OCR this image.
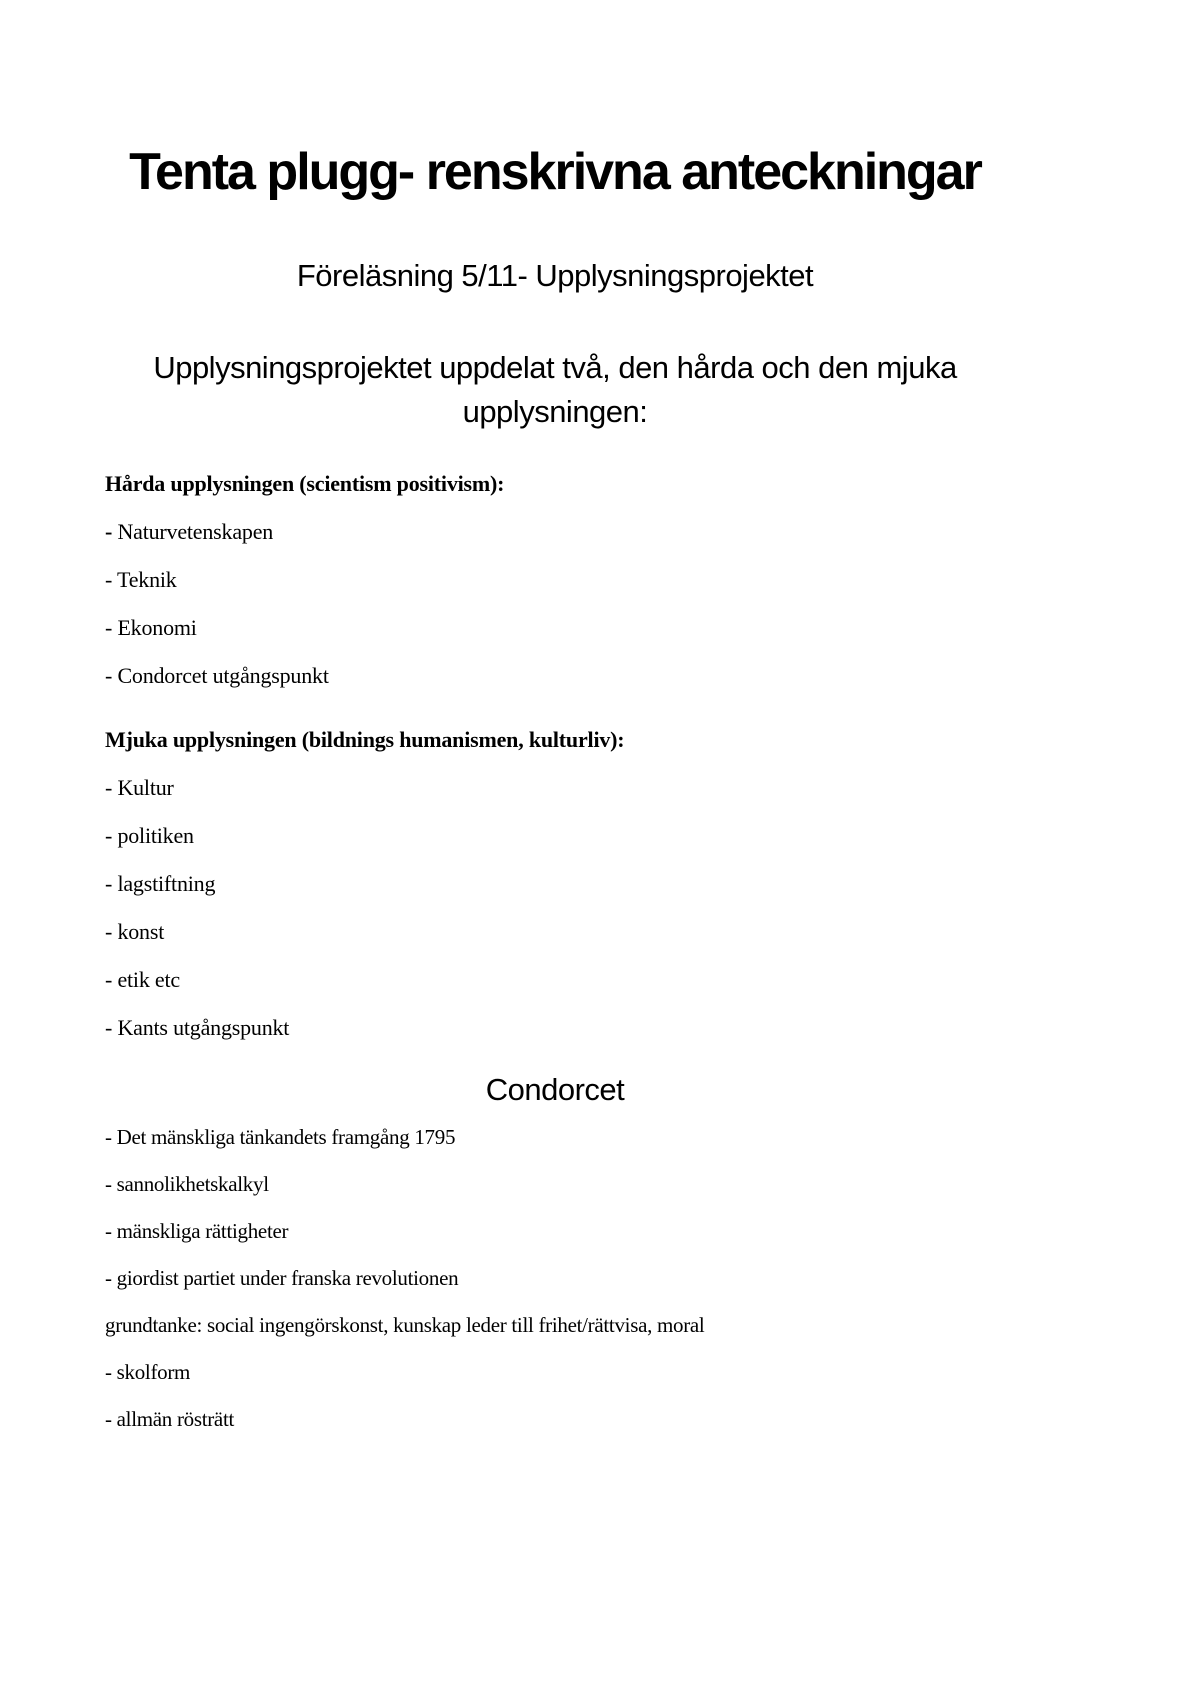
Tenta plugg- renskrivna anteckningar
Föreläsning 5/11- Upplysningsprojektet
Upplysningsprojektet uppdelat två, den hårda och den mjuka upplysningen:

Hårda upplysningen (scientism positivism):

- Naturvetenskapen

- Teknik

- Ekonomi

- Condorcet utgångspunkt

Mjuka upplysningen (bildnings humanismen, kulturliv):

- Kultur

- politiken

- lagstiftning

- konst

- etik etc

- Kants utgångspunkt

Condorcet

- Det mänskliga tänkandets framgång 1795

- sannolikhetskalkyl

- mänskliga rättigheter

- giordist partiet under franska revolutionen

grundtanke: social ingengörskonst, kunskap leder till frihet/rättvisa, moral

- skolform

- allmän rösträtt
